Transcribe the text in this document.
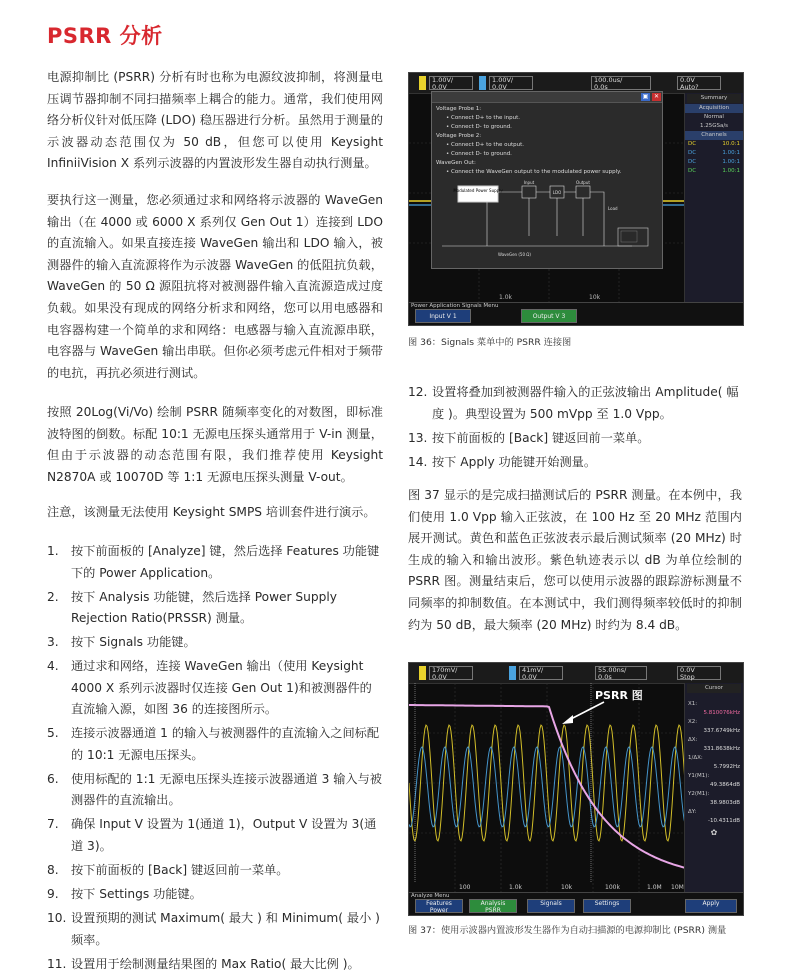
PSRR 分析

电源抑制比 (PSRR) 分析有时也称为电源纹波抑制，将测量电压调节器抑制不同扫描频率上耦合的能力。通常，我们使用网络分析仪针对低压降 (LDO) 稳压器进行分析。虽然用于测量的示波器动态范围仅为 50 dB，但您可以使用 Keysight InfiniiVision X 系列示波器的内置波形发生器自动执行测量。

要执行这一测量，您必须通过求和网络将示波器的 WaveGen 输出（在 4000 或 6000 X 系列仅 Gen Out 1）连接到 LDO 的直流输入。如果直接连接 WaveGen 输出和 LDO 输入，被测器件的输入直流源将作为示波器 WaveGen 的低阻抗负载，WaveGen 的 50 Ω 源阻抗将对被测器件输入直流源造成过度负载。如果没有现成的网络分析求和网络，您可以用电感器和电容器构建一个简单的求和网络：电感器与输入直流源串联，电容器与 WaveGen 输出串联。但你必须考虑元件相对于频带的电抗，再抗必须进行测试。

按照 20Log(Vi/Vo) 绘制 PSRR 随频率变化的对数图，即标准波特图的倒数。标配 10:1 无源电压探头通常用于 V-in 测量，但由于示波器的动态范围有限，我们推荐使用 Keysight N2870A 或 10070D 等 1:1 无源电压探头测量 V-out。

注意，该测量无法使用 Keysight SMPS 培训套件进行演示。

1. 按下前面板的 [Analyze] 键，然后选择 Features 功能键下的 Power Application。
2. 按下 Analysis 功能键，然后选择 Power Supply Rejection Ratio(PRSSR) 测量。
3. 按下 Signals 功能键。
4. 通过求和网络，连接 WaveGen 输出（使用 Keysight 4000 X 系列示波器时仅连接 Gen Out 1)和被测器件的直流输入源，如图 36 的连接图所示。
5. 连接示波器通道 1 的输入与被测器件的直流输入之间标配的 10:1 无源电压探头。
6. 使用标配的 1:1 无源电压探头连接示波器通道 3 输入与被测器件的直流输出。
7. 确保 Input V 设置为 1(通道 1)，Output V 设置为 3(通道 3)。
8. 按下前面板的 [Back] 键返回前一菜单。
9. 按下 Settings 功能键。
10. 设置预期的测试 Maximum( 最大 ) 和 Minimum( 最小 ) 频率。
11. 设置用于绘制测量结果图的 Max Ratio( 最大比例 )。
1.00V/
0.0V
1.00V/
0.0V
100.0us/
0.0s
0.0V
Auto?
1.0k	10k
Summary
Acquisition
Normal
1.25GSa/s
Channels
DC	10.0:1
DC	1.00:1
DC	1.00:1
DC	1.00:1
▣ ✕
Voltage Probe 1:
• Connect D+ to the input.
• Connect D- to ground.
Voltage Probe 2:
• Connect D+ to the output.
• Connect D- to ground.
WaveGen Out:
• Connect the WaveGen output to the modulated power supply.
Modulated Power Supply
Input
LDO
Output
Load
WaveGen (50 Ω)
Power Application Signals Menu
Input V 1	Output V 3
图 36：Signals 菜单中的 PSRR 连接图
12. 设置将叠加到被测器件输入的正弦波输出 Amplitude( 幅度 )。典型设置为 500 mVpp 至 1.0 Vpp。
13. 按下前面板的 [Back] 键返回前一菜单。
14. 按下 Apply 功能键开始测量。

图 37 显示的是完成扫描测试后的 PSRR 测量。在本例中，我们使用 1.0 Vpp 输入正弦波，在 100 Hz 至 20 MHz 范围内展开测试。黄色和蓝色正弦波表示最后测试频率 (20 MHz) 时生成的输入和输出波形。紫色轨迹表示以 dB 为单位绘制的 PSRR 图。测量结束后，您可以使用示波器的跟踪游标测量不同频率的抑制数值。在本测试中，我们测得频率较低时的抑制约为 50 dB，最大频率 (20 MHz) 时约为 8.4 dB。

170mV/
0.0V
41mV/
0.0V
55.00ns/
0.0s
0.0V
Stop
100	1.0k	10k	100k	1.0M 10M
PSRR 图
Cursor
X1:
5.810076kHz
X2:
337.6749kHz
ΔX:
331.8638kHz
1/ΔX:
5.7992Hz
Y1(M1):
49.3864dB
Y2(M1):
38.9803dB
ΔY:
-10.4311dB
✿
Analyze Menu
Features
Power
Analysis
PSRR
Signals	Settings	Apply
图 37：使用示波器内置波形发生器作为自动扫描源的电源抑制比 (PSRR) 测量
